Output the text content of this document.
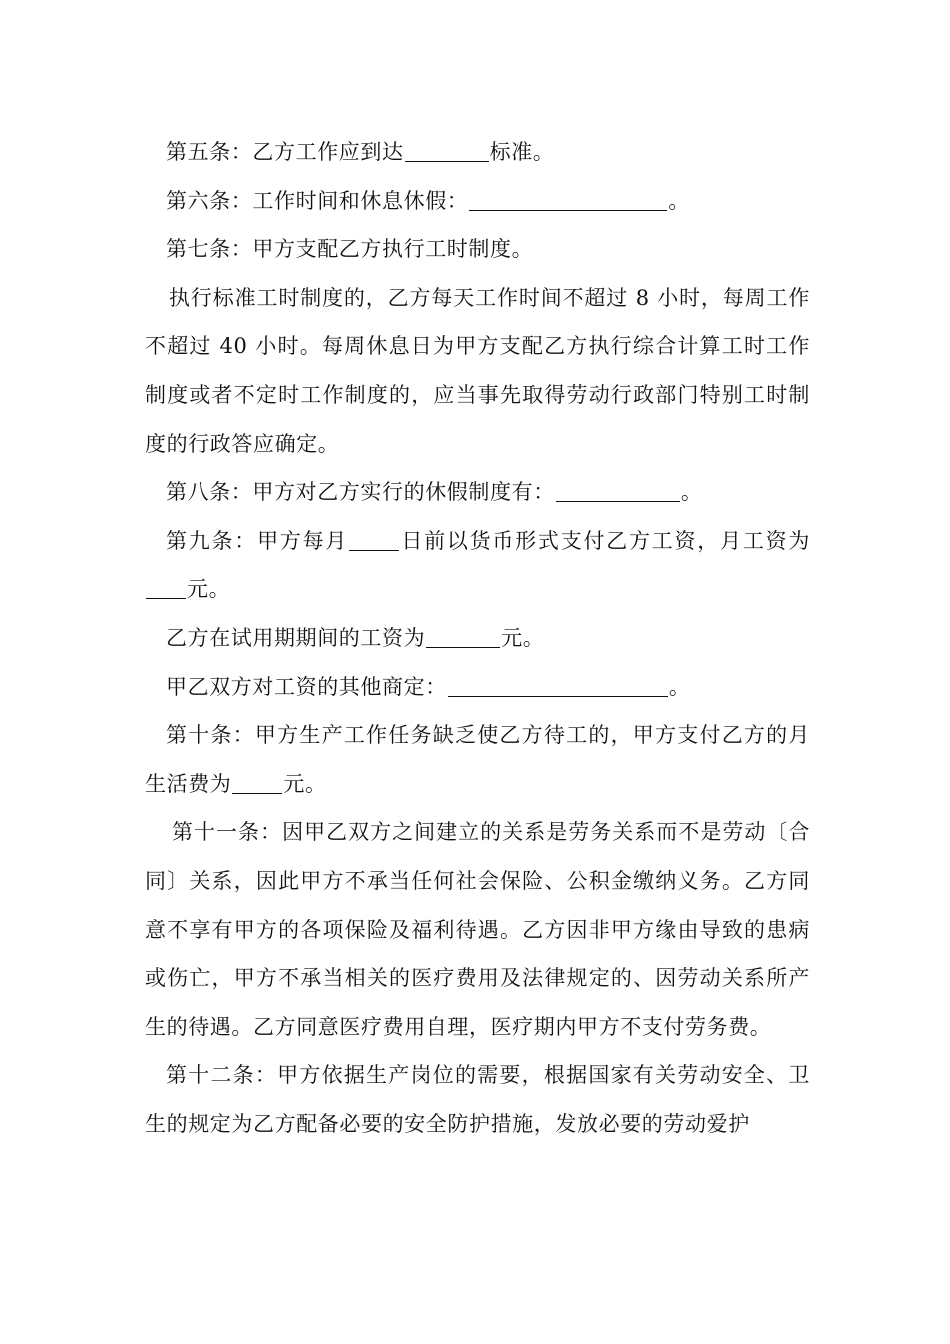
第五条：乙方工作应到达	标准。

第六条：工作时间和休息休假：	。

第七条：甲方支配乙方执行工时制度。

执行标准工时制度的，乙方每天工作时间不超过 8 小时，每周工作不超过 40 小时。每周休息日为甲方支配乙方执行综合计算工时工作制度或者不定时工作制度的，应当事先取得劳动行政部门特别工时制度的行政答应确定。

第八条：甲方对乙方实行的休假制度有：	。

第九条：甲方每月 日前以货币形式支付乙方工资，月工资为元。

乙方在试用期期间的工资为	元。

甲乙双方对工资的其他商定：	。

第十条：甲方生产工作任务缺乏使乙方待工的，甲方支付乙方的月生活费为 元。

第十一条：因甲乙双方之间建立的关系是劳务关系而不是劳动〔合同〕关系，因此甲方不承当任何社会保险、公积金缴纳义务。乙方同意不享有甲方的各项保险及福利待遇。乙方因非甲方缘由导致的患病或伤亡，甲方不承当相关的医疗费用及法律规定的、因劳动关系所产生的待遇。乙方同意医疗费用自理，医疗期内甲方不支付劳务费。

第十二条：甲方依据生产岗位的需要，根据国家有关劳动安全、卫生的规定为乙方配备必要的安全防护措施，发放必要的劳动爱护
